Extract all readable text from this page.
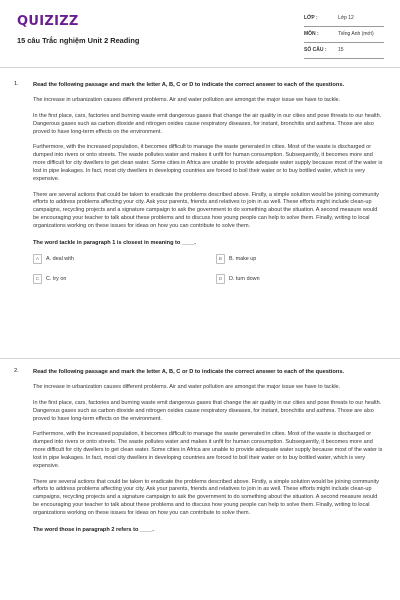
QUIZIZZ
15 câu Trắc nghiệm Unit 2 Reading
LỚP :	Lớp 12
MÔN :	Tiếng Anh (mới)
SỐ CÂU : 15
1.	Read the following passage and mark the letter A, B, C or D to indicate the correct answer to each of the questions.

The increase in urbanization causes different problems. Air and water pollution are amongst the major issue we have to tackle.

In the first place, cars, factories and burning waste emit dangerous gases that change the air quality in our cities and pose threats to our health. Dangerous gases such as carbon dioxide and nitrogen oxides cause respiratory diseases, for instant, bronchitis and asthma. Those are also proved to have long-term effects on the environment.

Furthermore, with the increased population, it becomes difficult to manage the waste generated in cities. Most of the waste is discharged or dumped into rivers or onto streets. The waste pollutes water and makes it unfit for human consumption. Subsequently, it becomes more and more difficult for city dwellers to get clean water. Some cities in Africa are unable to provide adequate water supply because most of the water is lost in pipe leakages. In fact, most city dwellers in developing countries are forced to boil their water or to buy bottled water, which is very expensive.

There are several actions that could be taken to eradicate the problems described above. Firstly, a simple solution would be joining community efforts to address problems affecting your city. Ask your parents, friends and relatives to join in as well. These efforts might include clean-up campaigns, recycling projects and a signature campaign to ask the government to do something about the situation. A second measure would be encouraging your teacher to talk about these problems and to discuss how young people can help to solve them. Finally, writing to local organizations working on these issues for ideas on how you can contribute to solve them.

The word tackle in paragraph 1 is closest in meaning to ____.
A	A. deal with	B	B. make up
C	C. try on	D	D. turn down
2.	Read the following passage and mark the letter A, B, C or D to indicate the correct answer to each of the questions.

The increase in urbanization causes different problems. Air and water pollution are amongst the major issue we have to tackle.

In the first place, cars, factories and burning waste emit dangerous gases that change the air quality in our cities and pose threats to our health. Dangerous gases such as carbon dioxide and nitrogen oxides cause respiratory diseases, for instant, bronchitis and asthma. Those are also proved to have long-term effects on the environment.

Furthermore, with the increased population, it becomes difficult to manage the waste generated in cities. Most of the waste is discharged or dumped into rivers or onto streets. The waste pollutes water and makes it unfit for human consumption. Subsequently, it becomes more and more difficult for city dwellers to get clean water. Some cities in Africa are unable to provide adequate water supply because most of the water is lost in pipe leakages. In fact, most city dwellers in developing countries are forced to boil their water or to buy bottled water, which is very expensive.

There are several actions that could be taken to eradicate the problems described above. Firstly, a simple solution would be joining community efforts to address problems affecting your city. Ask your parents, friends and relatives to join in as well. These efforts might include clean-up campaigns, recycling projects and a signature campaign to ask the government to do something about the situation. A second measure would be encouraging your teacher to talk about these problems and to discuss how young people can help to solve them. Finally, writing to local organizations working on these issues for ideas on how you can contribute to solve them.

The word those in paragraph 2 refers to ____.
